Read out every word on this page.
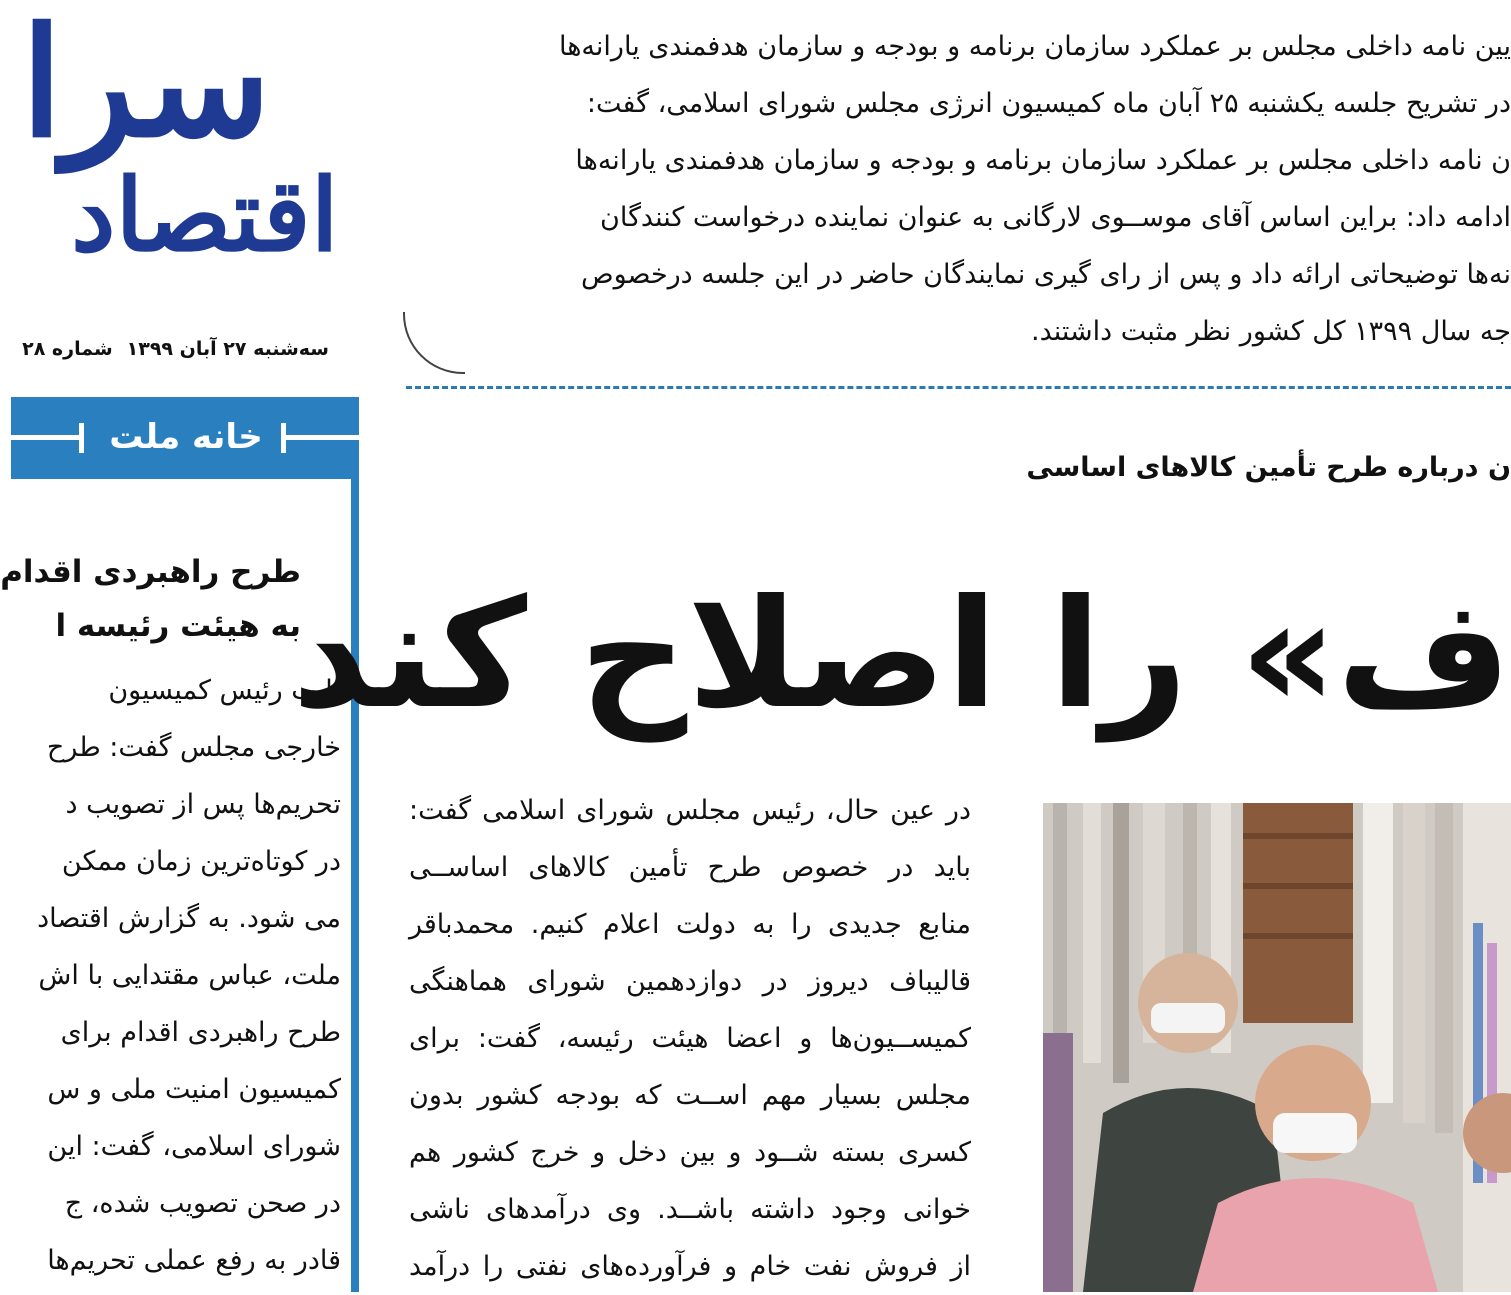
سرا
اقتصاد
سه‌شنبه ۲۷ آبان ۱۳۹۹شماره ۲۸

یین نامه داخلی مجلس بر عملکرد سازمان برنامه و بودجه و سازمان هدفمندی یارانه‌ها

در تشریح جلسه یکشنبه ۲۵ آبان ماه کمیسیون انرژی مجلس شورای اسلامی، گفت:

ن نامه داخلی مجلس بر عملکرد سازمان برنامه و بودجه و سازمان هدفمندی یارانه‌ها

ادامه داد: براین اساس آقای موســوی لارگانی به عنوان نماینده درخواست کنندگان

نه‌ها توضیحاتی ارائه داد و پس از رای گیری نمایندگان حاضر در این جلسه درخصوص

جه سال ۱۳۹۹ کل کشور نظر مثبت داشتند.

خانه ملت
طرح راهبردی اقدام
به هیئت رئیسه ا

نایب رئیس کمیسیون

خارجی مجلس گفت: طرح

تحریم‌ها پس از تصویب د

در کوتاه‌ترین زمان ممکن

می شود. به گزارش اقتصاد

ملت، عباس مقتدایی با اش

طرح راهبردی اقدام برای

کمیسیون امنیت ملی و س

شورای اسلامی، گفت: این

در صحن تصویب شده، ج

قادر به رفع عملی تحریم‌ها

ن درباره طرح تأمین کالاهای اساسی
ف» را اصلاح کند

در عین حال، رئیس مجلس شورای اسلامی گفت:

باید در خصوص طرح تأمین کالاهای اساســی

منابع جدیدی را به دولت اعلام کنیم. محمدباقر

قالیباف دیروز در دوازدهمین شورای هماهنگی

کمیســیون‌ها و اعضا هیئت رئیسه، گفت: برای

مجلس بسیار مهم اســت که بودجه کشور بدون

کسری بسته شــود و بین دخل و خرج کشور هم

خوانی وجود داشته باشــد. وی درآمدهای ناشی

از فروش نفت خام و فرآورده‌های نفتی را درآمد
